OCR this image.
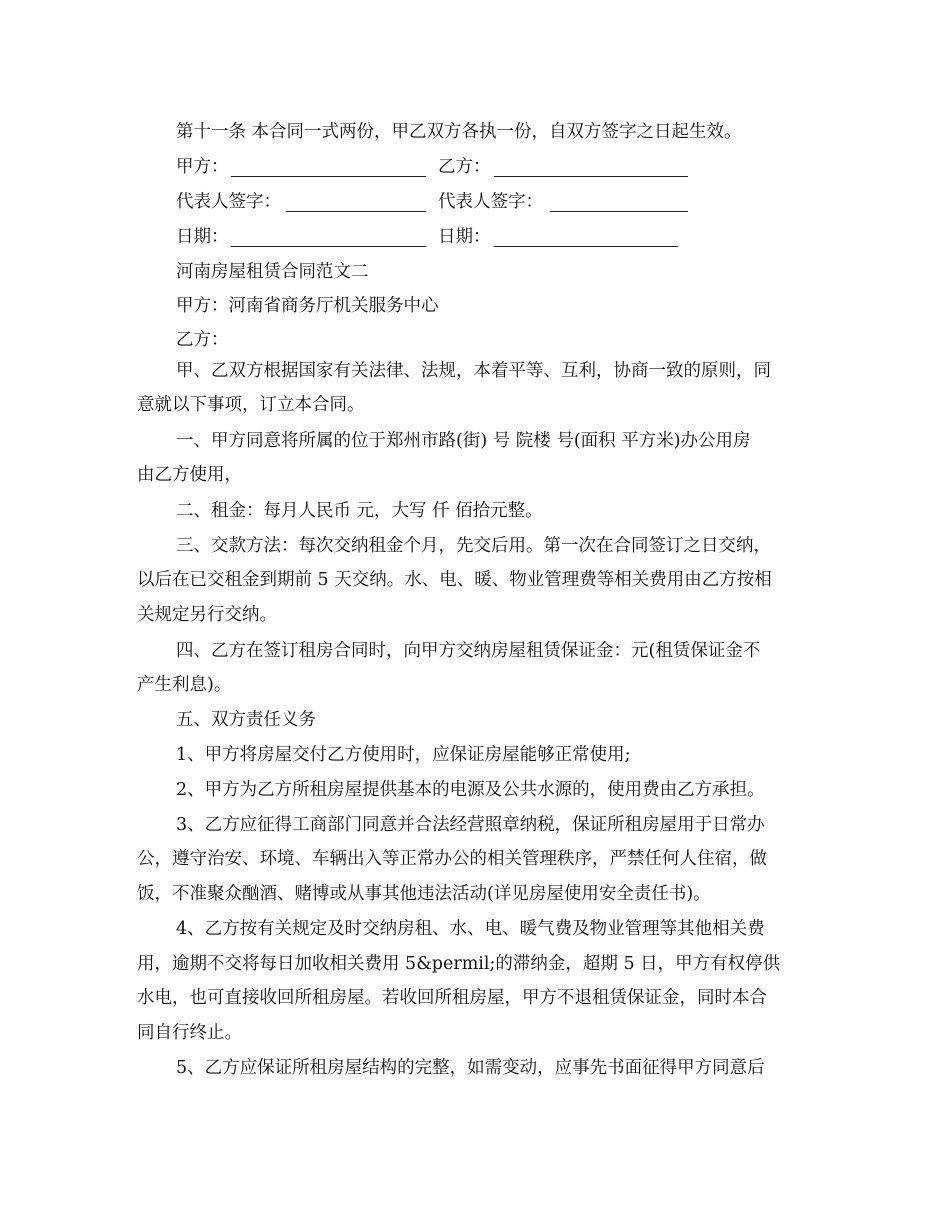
第十一条 本合同一式两份，甲乙双方各执一份，自双方签字之日起生效。
甲方：	乙方：
代表人签字：	代表人签字：
日期：	日期：
河南房屋租赁合同范文二
甲方：河南省商务厅机关服务中心
乙方：
甲、乙双方根据国家有关法律、法规，本着平等、互利，协商一致的原则，同
意就以下事项，订立本合同。
一、甲方同意将所属的位于郑州市路(街) 号 院楼 号(面积 平方米)办公用房
由乙方使用，
二、租金：每月人民币 元，大写 仟 佰拾元整。
三、交款方法：每次交纳租金个月，先交后用。第一次在合同签订之日交纳，
以后在已交租金到期前 5 天交纳。水、电、暖、物业管理费等相关费用由乙方按相
关规定另行交纳。
四、乙方在签订租房合同时，向甲方交纳房屋租赁保证金：元(租赁保证金不
产生利息)。
五、双方责任义务
1、甲方将房屋交付乙方使用时，应保证房屋能够正常使用;
2、甲方为乙方所租房屋提供基本的电源及公共水源的，使用费由乙方承担。
3、乙方应征得工商部门同意并合法经营照章纳税，保证所租房屋用于日常办
公，遵守治安、环境、车辆出入等正常办公的相关管理秩序，严禁任何人住宿，做
饭，不准聚众酗酒、赌博或从事其他违法活动(详见房屋使用安全责任书)。
4、乙方按有关规定及时交纳房租、水、电、暖气费及物业管理等其他相关费
用，逾期不交将每日加收相关费用 5&permil;的滞纳金，超期 5 日，甲方有权停供
水电，也可直接收回所租房屋。若收回所租房屋，甲方不退租赁保证金，同时本合
同自行终止。
5、乙方应保证所租房屋结构的完整，如需变动，应事先书面征得甲方同意后
